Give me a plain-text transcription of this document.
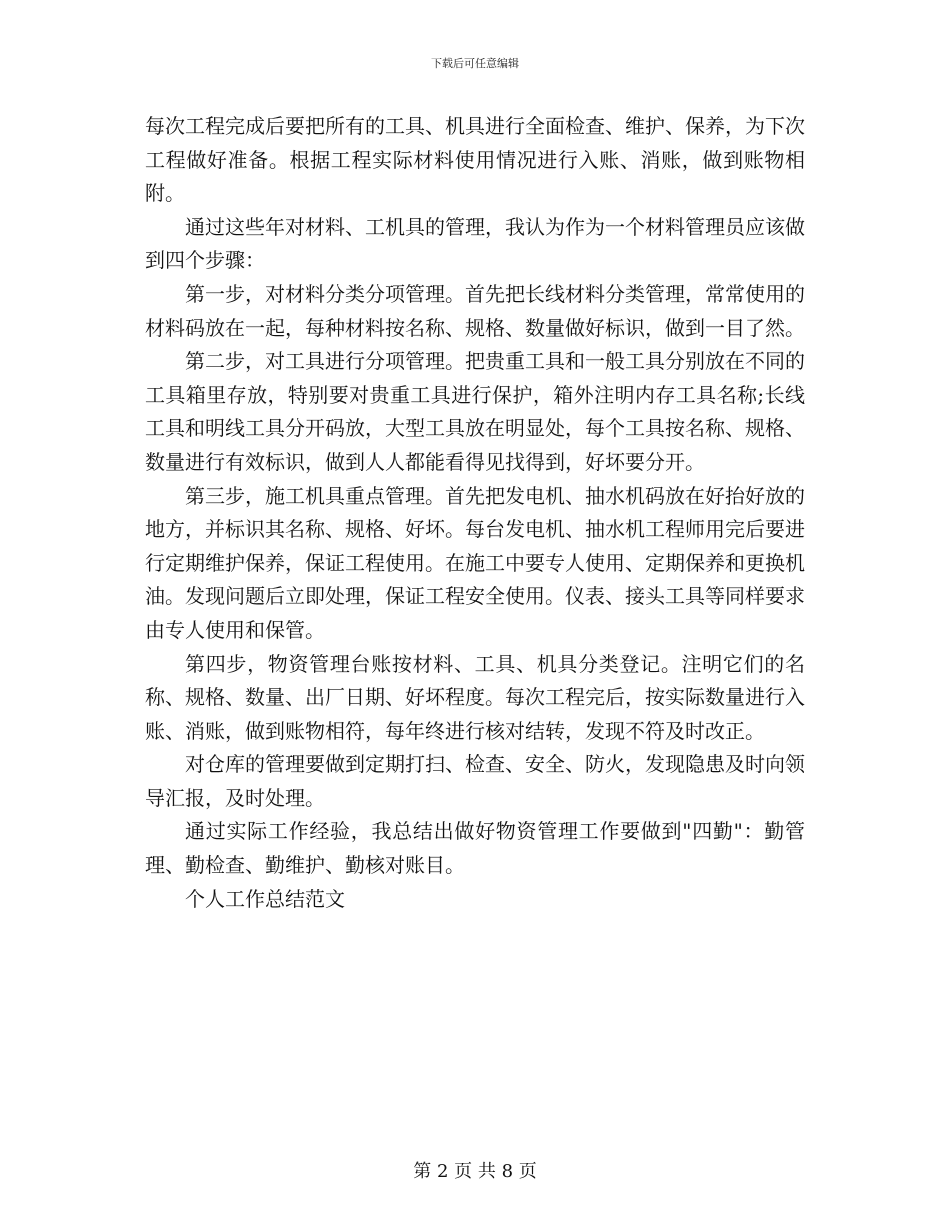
下载后可任意编辑

每次工程完成后要把所有的工具、机具进行全面检查、维护、保养，为下次工程做好准备。根据工程实际材料使用情况进行入账、消账，做到账物相附。

通过这些年对材料、工机具的管理，我认为作为一个材料管理员应该做到四个步骤：

第一步，对材料分类分项管理。首先把长线材料分类管理，常常使用的材料码放在一起，每种材料按名称、规格、数量做好标识，做到一目了然。

第二步，对工具进行分项管理。把贵重工具和一般工具分别放在不同的工具箱里存放，特别要对贵重工具进行保护，箱外注明内存工具名称;长线工具和明线工具分开码放，大型工具放在明显处，每个工具按名称、规格、数量进行有效标识，做到人人都能看得见找得到，好坏要分开。

第三步，施工机具重点管理。首先把发电机、抽水机码放在好抬好放的地方，并标识其名称、规格、好坏。每台发电机、抽水机工程师用完后要进行定期维护保养，保证工程使用。在施工中要专人使用、定期保养和更换机油。发现问题后立即处理，保证工程安全使用。仪表、接头工具等同样要求由专人使用和保管。

第四步，物资管理台账按材料、工具、机具分类登记。注明它们的名称、规格、数量、出厂日期、好坏程度。每次工程完后，按实际数量进行入账、消账，做到账物相符，每年终进行核对结转，发现不符及时改正。

对仓库的管理要做到定期打扫、检查、安全、防火，发现隐患及时向领导汇报，及时处理。

通过实际工作经验，我总结出做好物资管理工作要做到"四勤"：勤管理、勤检查、勤维护、勤核对账目。

个人工作总结范文

第 2 页 共 8 页
